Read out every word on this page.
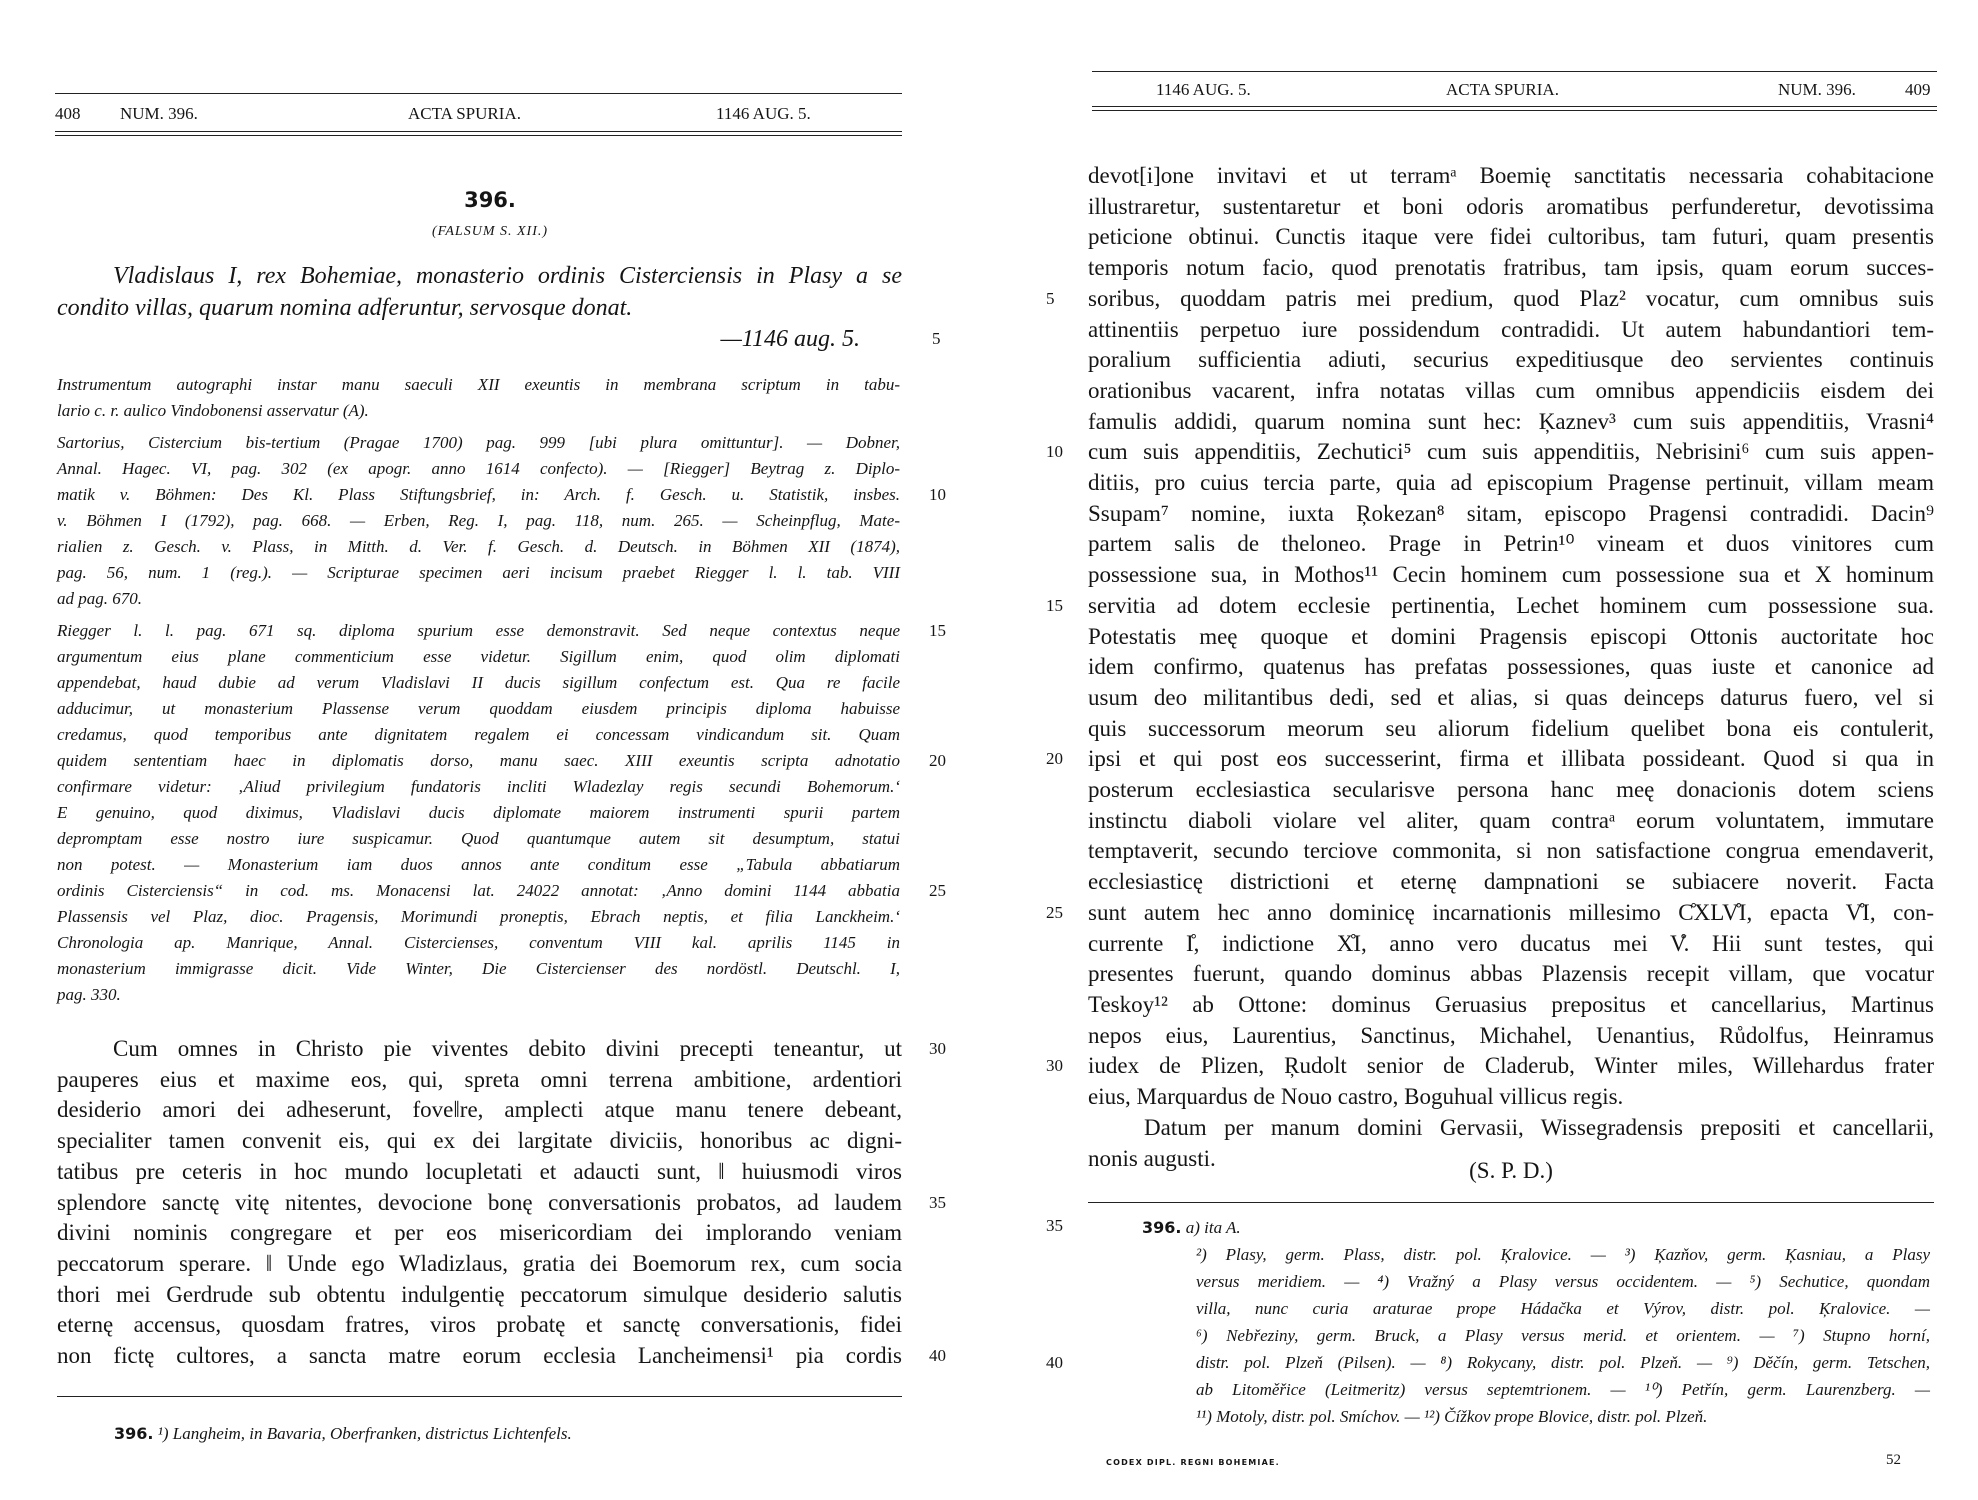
408 NUM. 396.	ACTA SPURIA.	1146 AUG. 5.
396.
(FALSUM S. XII.)
Vladislaus I, rex Bohemiae, monasterio ordinis Cisterciensis in Plasy a se
condito villas, quarum nomina adferuntur, servosque donat.
—1146 aug. 5.	5
Instrumentum autographi instar manu saeculi XII exeuntis in membrana scriptum in tabu-
lario c. r. aulico Vindobonensi asservatur (A).
Sartorius, Cistercium bis-tertium (Pragae 1700) pag. 999 [ubi plura omittuntur]. — Dobner,
Annal. Hagec. VI, pag. 302 (ex apogr. anno 1614 confecto). — [Riegger] Beytrag z. Diplo-
matik v. Böhmen: Des Kl. Plass Stiftungsbrief, in: Arch. f. Gesch. u. Statistik, insbes. 10
v. Böhmen I (1792), pag. 668. — Erben, Reg. I, pag. 118, num. 265. — Scheinpflug, Mate-
rialien z. Gesch. v. Plass, in Mitth. d. Ver. f. Gesch. d. Deutsch. in Böhmen XII (1874),
pag. 56, num. 1 (reg.). — Scripturae specimen aeri incisum praebet Riegger l. l. tab. VIII
ad pag. 670.
Riegger l. l. pag. 671 sq. diploma spurium esse demonstravit. Sed neque contextus neque 15
argumentum eius plane commenticium esse videtur. Sigillum enim, quod olim diplomati
appendebat, haud dubie ad verum Vladislavi II ducis sigillum confectum est. Qua re facile
adducimur, ut monasterium Plassense verum quoddam eiusdem principis diploma habuisse
credamus, quod temporibus ante dignitatem regalem ei concessam vindicandum sit. Quam
quidem sententiam haec in diplomatis dorso, manu saec. XIII exeuntis scripta adnotatio 20
confirmare videtur: ‚Aliud privilegium fundatoris incliti Wladezlay regis secundi Bohemorum.‘
E genuino, quod diximus, Vladislavi ducis diplomate maiorem instrumenti spurii partem
depromptam esse nostro iure suspicamur. Quod quantumque autem sit desumptum, statui
non potest. — Monasterium iam duos annos ante conditum esse „Tabula abbatiarum
ordinis Cisterciensis“ in cod. ms. Monacensi lat. 24022 annotat: ‚Anno domini 1144 abbatia 25
Plassensis vel Plaz, dioc. Pragensis, Morimundi proneptis, Ebrach neptis, et filia Lanckheim.‘
Chronologia ap. Manrique, Annal. Cistercienses, conventum VIII kal. aprilis 1145 in
monasterium immigrasse dicit. Vide Winter, Die Cistercienser des nordöstl. Deutschl. I,
pag. 330.
Cum omnes in Christo pie viventes debito divini precepti teneantur, ut 30
pauperes eius et maxime eos, qui, spreta omni terrena ambitione, ardentiori
desiderio amori dei adheserunt, fove‖re, amplecti atque manu tenere debeant,
specialiter tamen convenit eis, qui ex dei largitate diviciis, honoribus ac digni-
tatibus pre ceteris in hoc mundo locupletati et adaucti sunt, ‖ huiusmodi viros
splendore sanctę vitę nitentes, devocione bonę conversationis probatos, ad laudem 35
divini nominis congregare et per eos misericordiam dei implorando veniam
peccatorum sperare. ‖ Unde ego Wladizlaus, gratia dei Boemorum rex, cum socia
thori mei Gerdrude sub obtentu indulgentię peccatorum simulque desiderio salutis
eternę accensus, quosdam fratres, viros probatę et sanctę conversationis, fidei
non fictę cultores, a sancta matre eorum ecclesia Lancheimensi¹ pia cordis 40
396. ¹) Langheim, in Bavaria, Oberfranken, districtus Lichtenfels.
1146 AUG. 5.	ACTA SPURIA.	NUM. 396.	409
devot[i]one invitavi et ut terramᵃ Boemię sanctitatis necessaria cohabitacione
illustraretur, sustentaretur et boni odoris aromatibus perfunderetur, devotissima
peticione obtinui. Cunctis itaque vere fidei cultoribus, tam futuri, quam presentis
temporis notum facio, quod prenotatis fratribus, tam ipsis, quam eorum succes-
soribus, quoddam patris mei predium, quod Plaz² vocatur, cum omnibus suis
5
attinentiis perpetuo iure possidendum contradidi. Ut autem habundantiori tem-
poralium sufficientia adiuti, securius expeditiusque deo servientes continuis
orationibus vacarent, infra notatas villas cum omnibus appendiciis eisdem dei
famulis addidi, quarum nomina sunt hec: Ķaznev³ cum suis appenditiis, Vrasni⁴
cum suis appenditiis, Zechutici⁵ cum suis appenditiis, Nebrisini⁶ cum suis appen-
10
ditiis, pro cuius tercia parte, quia ad episcopium Pragense pertinuit, villam meam
Ssupam⁷ nomine, iuxta Ŗokezan⁸ sitam, episcopo Pragensi contradidi. Dacin⁹
partem salis de theloneo. Prage in Petrin¹⁰ vineam et duos vinitores cum
possessione sua, in Mothos¹¹ Cecin hominem cum possessione sua et X hominum
servitia ad dotem ecclesie pertinentia, Lechet hominem cum possessione sua.
15
Potestatis meę quoque et domini Pragensis episcopi Ottonis auctoritate hoc
idem confirmo, quatenus has prefatas possessiones, quas iuste et canonice ad
usum deo militantibus dedi, sed et alias, si quas deinceps daturus fuero, vel si
quis successorum meorum seu aliorum fidelium quelibet bona eis contulerit,
ipsi et qui post eos successerint, firma et illibata possideant. Quod si qua in
20
posterum ecclesiastica secularisve persona hanc meę donacionis dotem sciens
instinctu diaboli violare vel aliter, quam contraᵃ eorum voluntatem, immutare
temptaverit, secundo terciove commonita, si non satisfactione congrua emendaverit,
ecclesiasticę districtioni et eternę dampnationi se subiacere noverit. Facta
sunt autem hec anno dominicę incarnationis millesimo C̊XLV̊I, epacta V̊I, con-
25
currente I̊, indictione X̊I, anno vero ducatus mei V̊. Hii sunt testes, qui
presentes fuerunt, quando dominus abbas Plazensis recepit villam, que vocatur
Teskoy¹² ab Ottone: dominus Geruasius prepositus et cancellarius, Martinus
nepos eius, Laurentius, Sanctinus, Michahel, Uenantius, Růdolfus, Heinramus
iudex de Plizen, Ŗudolt senior de Claderub, Winter miles, Willehardus frater
30
eius, Marquardus de Nouo castro, Boguhual villicus regis.
Datum per manum domini Gervasii, Wissegradensis prepositi et cancellarii,
nonis augusti.	(S. P. D.)
396. a) ita A.
35
²) Plasy, germ. Plass, distr. pol. Ķralovice. — ³) Ķazňov, germ. Ķasniau, a Plasy
versus meridiem. — ⁴) Vražný a Plasy versus occidentem. — ⁵) Sechutice, quondam
villa, nunc curia araturae prope Hádačka et Výrov, distr. pol. Ķralovice. —
⁶) Nebřeziny, germ. Bruck, a Plasy versus merid. et orientem. — ⁷) Stupno horní,
distr. pol. Plzeň (Pilsen). — ⁸) Rokycany, distr. pol. Plzeň. — ⁹) Děčín, germ. Tetschen,
40
ab Litoměřice (Leitmeritz) versus septemtrionem. — ¹⁰) Petřín, germ. Laurenzberg. —
¹¹) Motoly, distr. pol. Smíchov. — ¹²) Čížkov prope Blovice, distr. pol. Plzeň.
CODEX DIPL. REGNI BOHEMIAE.	52
